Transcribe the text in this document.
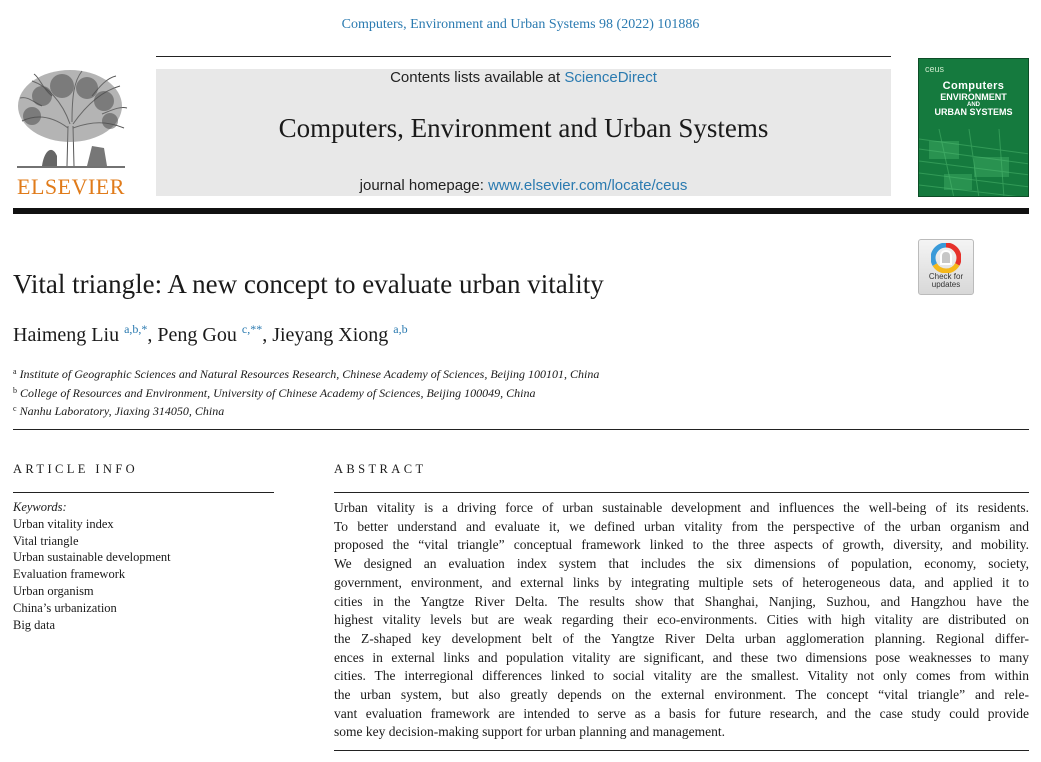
Computers, Environment and Urban Systems 98 (2022) 101886
ELSEVIER
Contents lists available at ScienceDirect
Computers, Environment and Urban Systems
journal homepage: www.elsevier.com/locate/ceus
ceus
Computers
ENVIRONMENT
AND
URBAN SYSTEMS
Check for
updates
Vital triangle: A new concept to evaluate urban vitality
Haimeng Liu $^{a,b,*}$, Peng Gou $^{c,**}$, Jieyang Xiong $^{a,b}$
$^a$ Institute of Geographic Sciences and Natural Resources Research, Chinese Academy of Sciences, Beijing 100101, China
$^b$ College of Resources and Environment, University of Chinese Academy of Sciences, Beijing 100049, China
$^c$ Nanhu Laboratory, Jiaxing 314050, China
ARTICLE INFO	ABSTRACT
Keywords:
Urban vitality index
Vital triangle
Urban sustainable development
Evaluation framework
Urban organism
China’s urbanization
Big data
Urban vitality is a driving force of urban sustainable development and influences the well-being of its residents.
To better understand and evaluate it, we defined urban vitality from the perspective of the urban organism and
proposed the “vital triangle” conceptual framework linked to the three aspects of growth, diversity, and mobility.
We designed an evaluation index system that includes the six dimensions of population, economy, society,
government, environment, and external links by integrating multiple sets of heterogeneous data, and applied it to
cities in the Yangtze River Delta. The results show that Shanghai, Nanjing, Suzhou, and Hangzhou have the
highest vitality levels but are weak regarding their eco-environments. Cities with high vitality are distributed on
the Z-shaped key development belt of the Yangtze River Delta urban agglomeration planning. Regional differ-
ences in external links and population vitality are significant, and these two dimensions pose weaknesses to many
cities. The interregional differences linked to social vitality are the smallest. Vitality not only comes from within
the urban system, but also greatly depends on the external environment. The concept “vital triangle” and rele-
vant evaluation framework are intended to serve as a basis for future research, and the case study could provide
some key decision-making support for urban planning and management.
